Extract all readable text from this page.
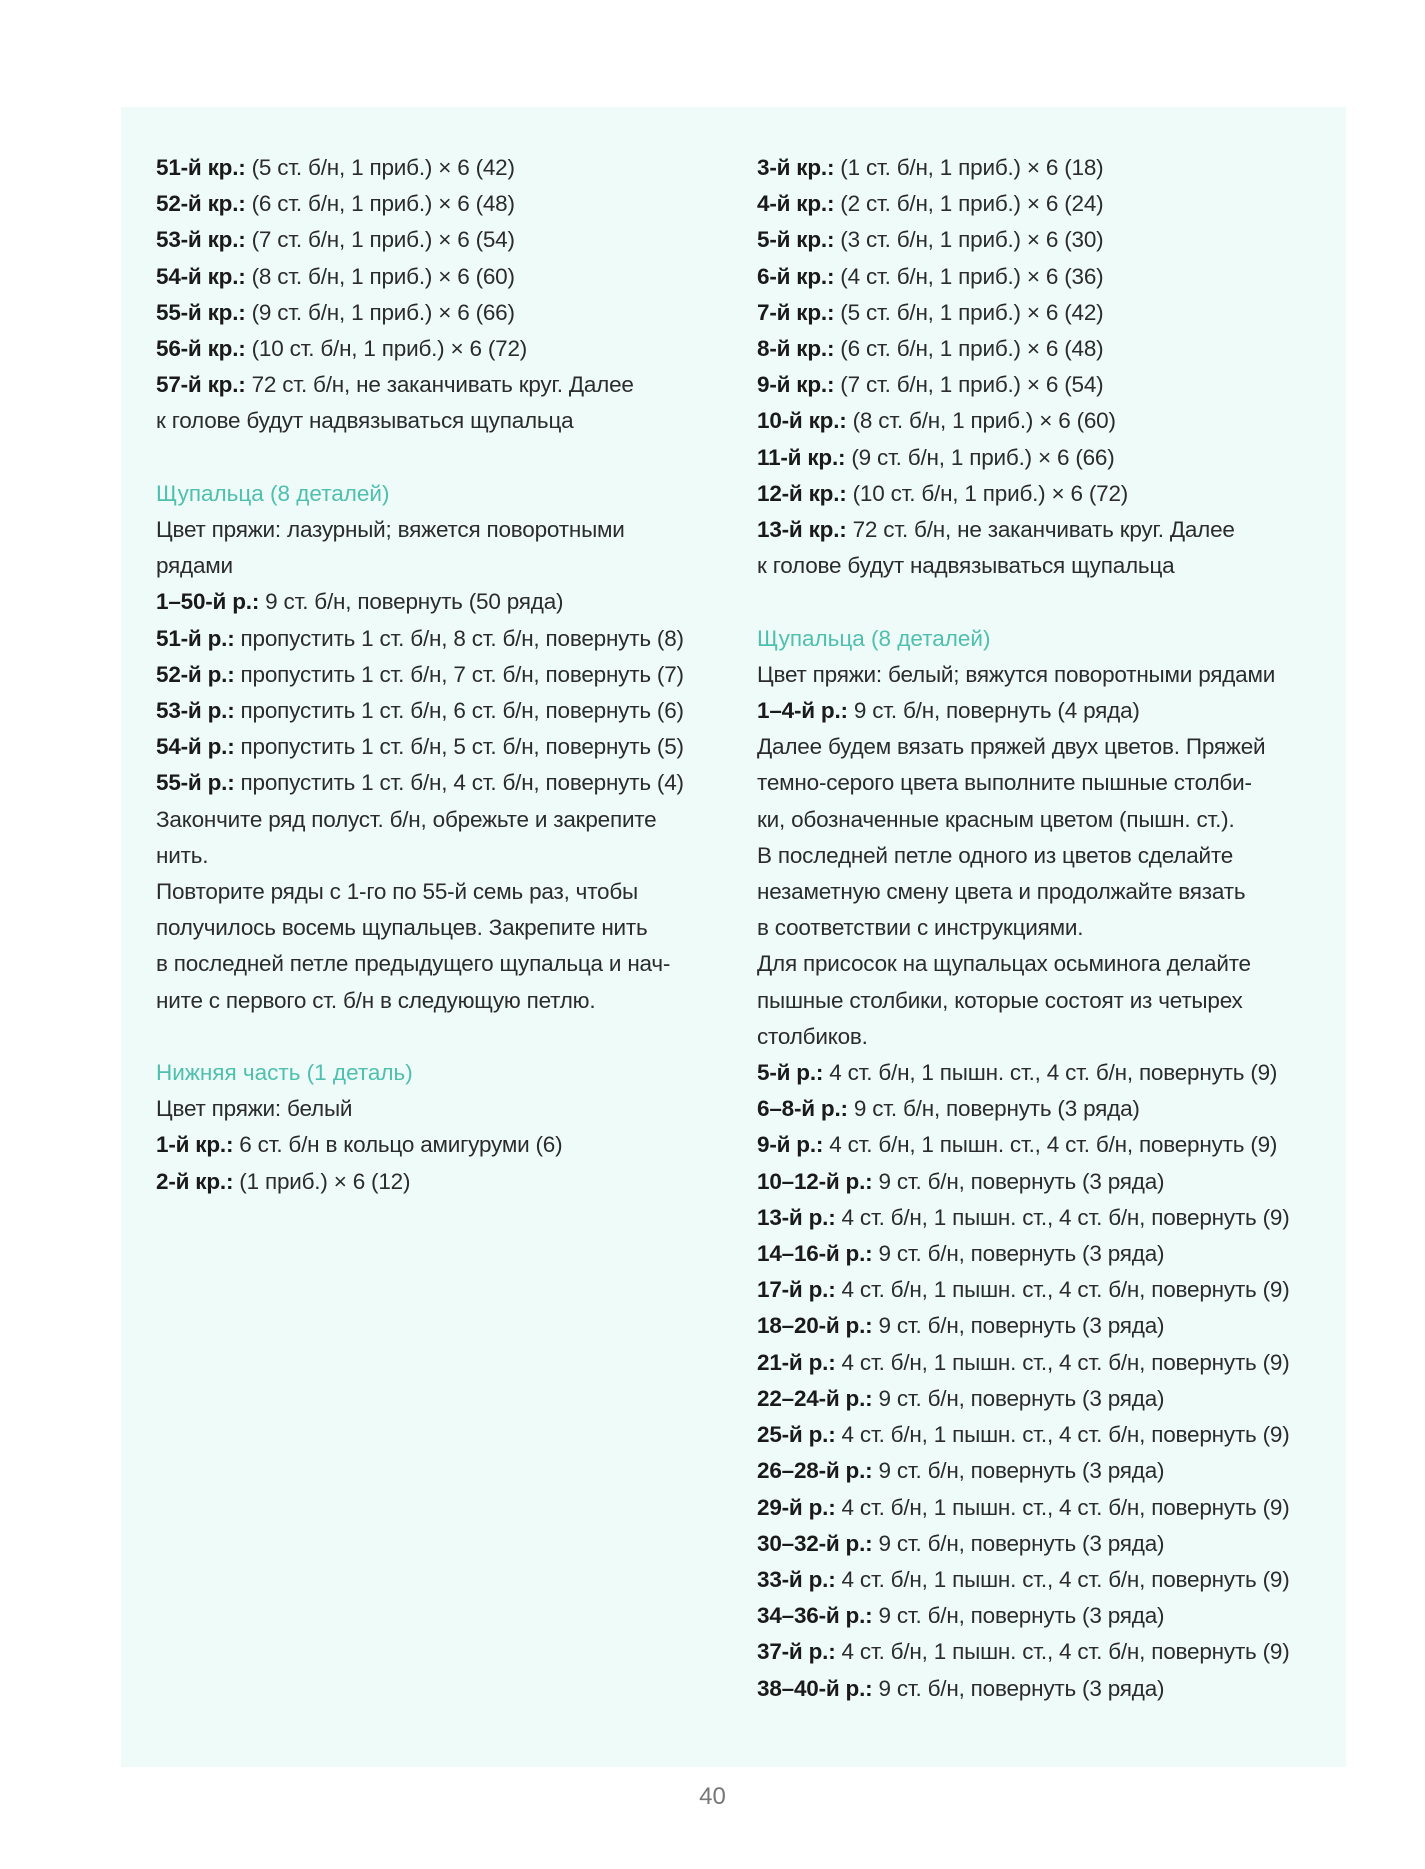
51-й кр.: (5 ст. б/н, 1 приб.) × 6 (42)
52-й кр.: (6 ст. б/н, 1 приб.) × 6 (48)
53-й кр.: (7 ст. б/н, 1 приб.) × 6 (54)
54-й кр.: (8 ст. б/н, 1 приб.) × 6 (60)
55-й кр.: (9 ст. б/н, 1 приб.) × 6 (66)
56-й кр.: (10 ст. б/н, 1 приб.) × 6 (72)
57-й кр.: 72 ст. б/н, не заканчивать круг. Далее
к голове будут надвязываться щупальца
Щупальца (8 деталей)
Цвет пряжи: лазурный; вяжется поворотными
рядами
1–50-й р.: 9 ст. б/н, повернуть (50 ряда)
51-й р.: пропустить 1 ст. б/н, 8 ст. б/н, повернуть (8)
52-й р.: пропустить 1 ст. б/н, 7 ст. б/н, повернуть (7)
53-й р.: пропустить 1 ст. б/н, 6 ст. б/н, повернуть (6)
54-й р.: пропустить 1 ст. б/н, 5 ст. б/н, повернуть (5)
55-й р.: пропустить 1 ст. б/н, 4 ст. б/н, повернуть (4)
Закончите ряд полуст. б/н, обрежьте и закрепите
нить.
Повторите ряды с 1-го по 55-й семь раз, чтобы
получилось восемь щупальцев. Закрепите нить
в последней петле предыдущего щупальца и нач-
ните с первого ст. б/н в следующую петлю.
Нижняя часть (1 деталь)
Цвет пряжи: белый
1-й кр.: 6 ст. б/н в кольцо амигуруми (6)
2-й кр.: (1 приб.) × 6 (12)
3-й кр.: (1 ст. б/н, 1 приб.) × 6 (18)
4-й кр.: (2 ст. б/н, 1 приб.) × 6 (24)
5-й кр.: (3 ст. б/н, 1 приб.) × 6 (30)
6-й кр.: (4 ст. б/н, 1 приб.) × 6 (36)
7-й кр.: (5 ст. б/н, 1 приб.) × 6 (42)
8-й кр.: (6 ст. б/н, 1 приб.) × 6 (48)
9-й кр.: (7 ст. б/н, 1 приб.) × 6 (54)
10-й кр.: (8 ст. б/н, 1 приб.) × 6 (60)
11-й кр.: (9 ст. б/н, 1 приб.) × 6 (66)
12-й кр.: (10 ст. б/н, 1 приб.) × 6 (72)
13-й кр.: 72 ст. б/н, не заканчивать круг. Далее
к голове будут надвязываться щупальца
Щупальца (8 деталей)
Цвет пряжи: белый; вяжутся поворотными рядами
1–4-й р.: 9 ст. б/н, повернуть (4 ряда)
Далее будем вязать пряжей двух цветов. Пряжей
темно-серого цвета выполните пышные столби-
ки, обозначенные красным цветом (пышн. ст.).
В последней петле одного из цветов сделайте
незаметную смену цвета и продолжайте вязать
в соответствии с инструкциями.
Для присосок на щупальцах осьминога делайте
пышные столбики, которые состоят из четырех
столбиков.
5-й р.: 4 ст. б/н, 1 пышн. ст., 4 ст. б/н, повернуть (9)
6–8-й р.: 9 ст. б/н, повернуть (3 ряда)
9-й р.: 4 ст. б/н, 1 пышн. ст., 4 ст. б/н, повернуть (9)
10–12-й р.: 9 ст. б/н, повернуть (3 ряда)
13-й р.: 4 ст. б/н, 1 пышн. ст., 4 ст. б/н, повернуть (9)
14–16-й р.: 9 ст. б/н, повернуть (3 ряда)
17-й р.: 4 ст. б/н, 1 пышн. ст., 4 ст. б/н, повернуть (9)
18–20-й р.: 9 ст. б/н, повернуть (3 ряда)
21-й р.: 4 ст. б/н, 1 пышн. ст., 4 ст. б/н, повернуть (9)
22–24-й р.: 9 ст. б/н, повернуть (3 ряда)
25-й р.: 4 ст. б/н, 1 пышн. ст., 4 ст. б/н, повернуть (9)
26–28-й р.: 9 ст. б/н, повернуть (3 ряда)
29-й р.: 4 ст. б/н, 1 пышн. ст., 4 ст. б/н, повернуть (9)
30–32-й р.: 9 ст. б/н, повернуть (3 ряда)
33-й р.: 4 ст. б/н, 1 пышн. ст., 4 ст. б/н, повернуть (9)
34–36-й р.: 9 ст. б/н, повернуть (3 ряда)
37-й р.: 4 ст. б/н, 1 пышн. ст., 4 ст. б/н, повернуть (9)
38–40-й р.: 9 ст. б/н, повернуть (3 ряда)
40
